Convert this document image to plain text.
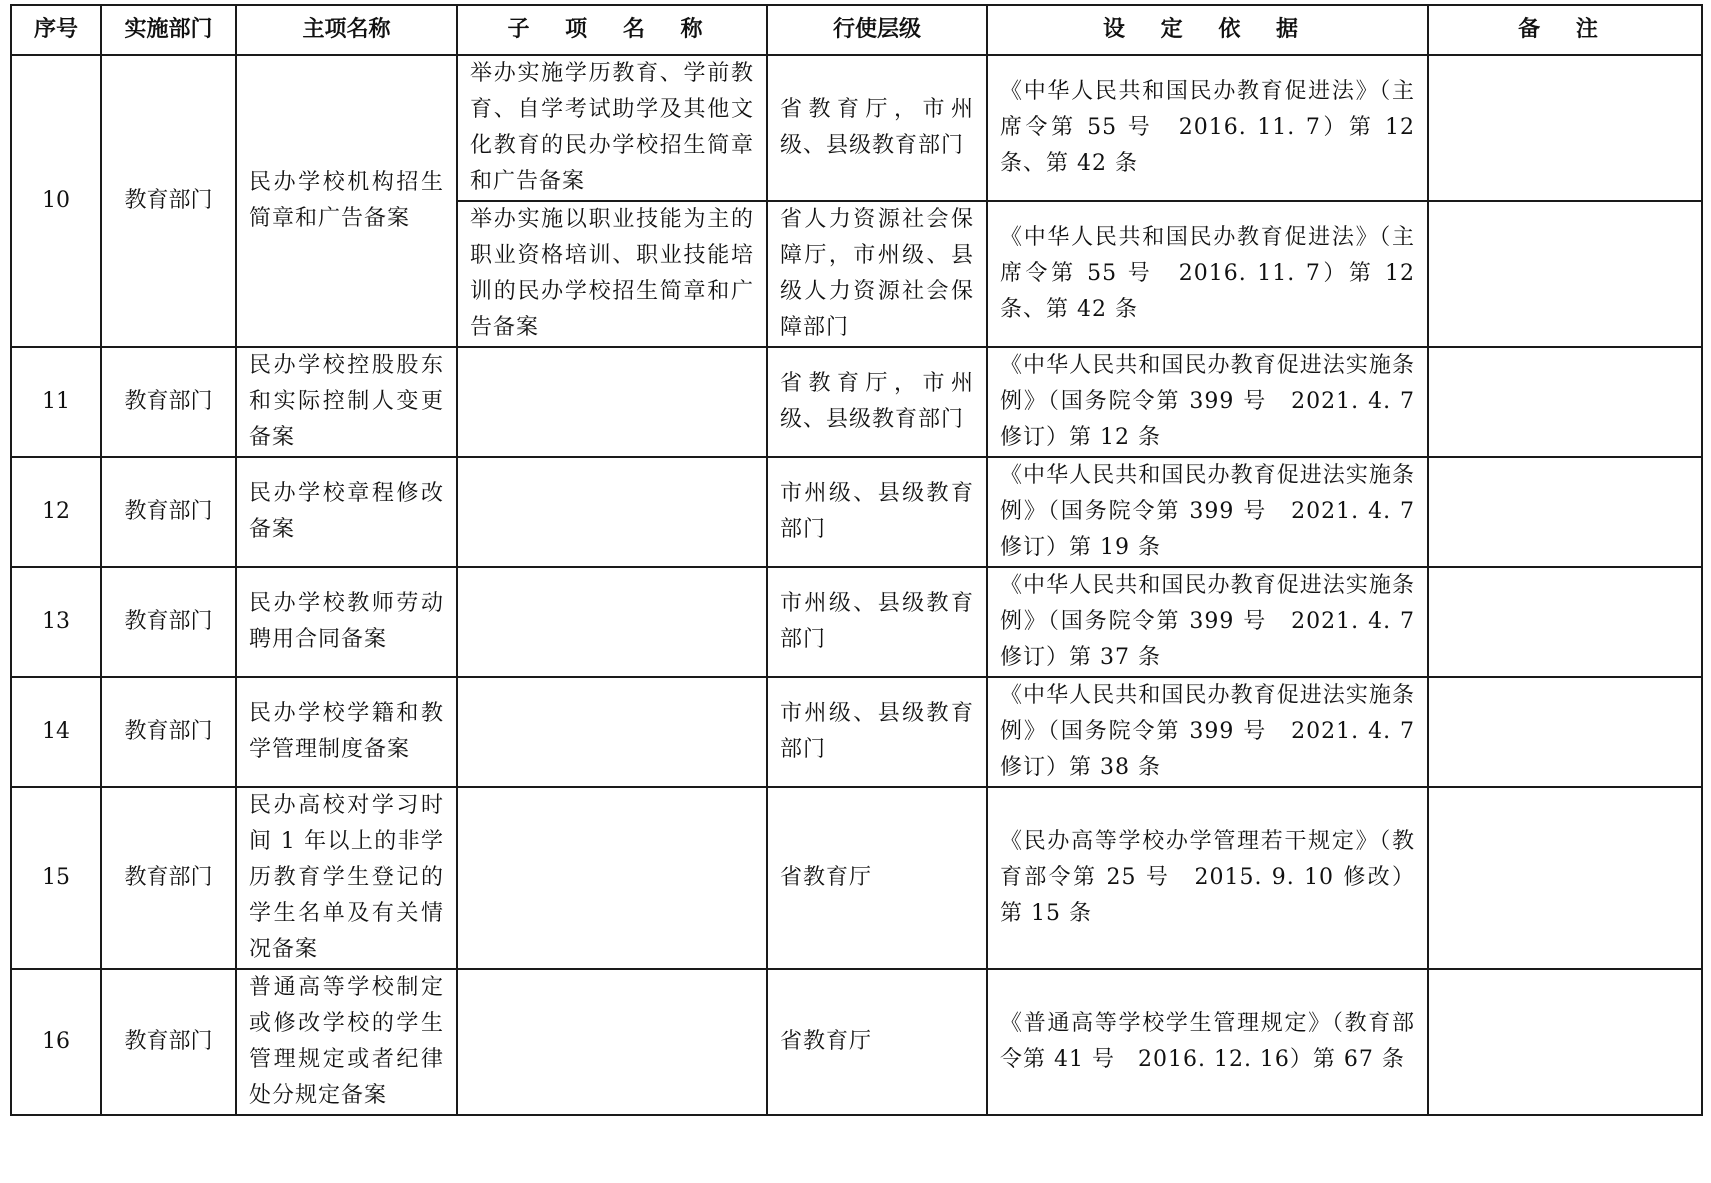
序号	实施部门	主项名称	子 项 名 称	行使层级	设 定 依 据	备 注
10	教育部门	民办学校机构招生简章和广告备案	举办实施学历教育、学前教育、自学考试助学及其他文化教育的民办学校招生简章和广告备案	省教育厅，市州级、县级教育部门	《中华人民共和国民办教育促进法》（主席令第 55 号　2016. 11. 7）第 12 条、第 42 条	
			举办实施以职业技能为主的职业资格培训、职业技能培训的民办学校招生简章和广告备案	省人力资源社会保障厅，市州级、县级人力资源社会保障部门	《中华人民共和国民办教育促进法》（主席令第 55 号　2016. 11. 7）第 12 条、第 42 条	
11	教育部门	民办学校控股股东和实际控制人变更备案		省教育厅，市州级、县级教育部门	《中华人民共和国民办教育促进法实施条例》（国务院令第 399 号　2021. 4. 7 修订）第 12 条	
12	教育部门	民办学校章程修改备案		市州级、县级教育部门	《中华人民共和国民办教育促进法实施条例》（国务院令第 399 号　2021. 4. 7 修订）第 19 条	
13	教育部门	民办学校教师劳动聘用合同备案		市州级、县级教育部门	《中华人民共和国民办教育促进法实施条例》（国务院令第 399 号　2021. 4. 7 修订）第 37 条	
14	教育部门	民办学校学籍和教学管理制度备案		市州级、县级教育部门	《中华人民共和国民办教育促进法实施条例》（国务院令第 399 号　2021. 4. 7 修订）第 38 条	
15	教育部门	民办高校对学习时间 1 年以上的非学历教育学生登记的学生名单及有关情况备案		省教育厅	《民办高等学校办学管理若干规定》（教育部令第 25 号　2015. 9. 10 修改）第 15 条	
16	教育部门	普通高等学校制定或修改学校的学生管理规定或者纪律处分规定备案		省教育厅	《普通高等学校学生管理规定》（教育部令第 41 号　2016. 12. 16）第 67 条	
